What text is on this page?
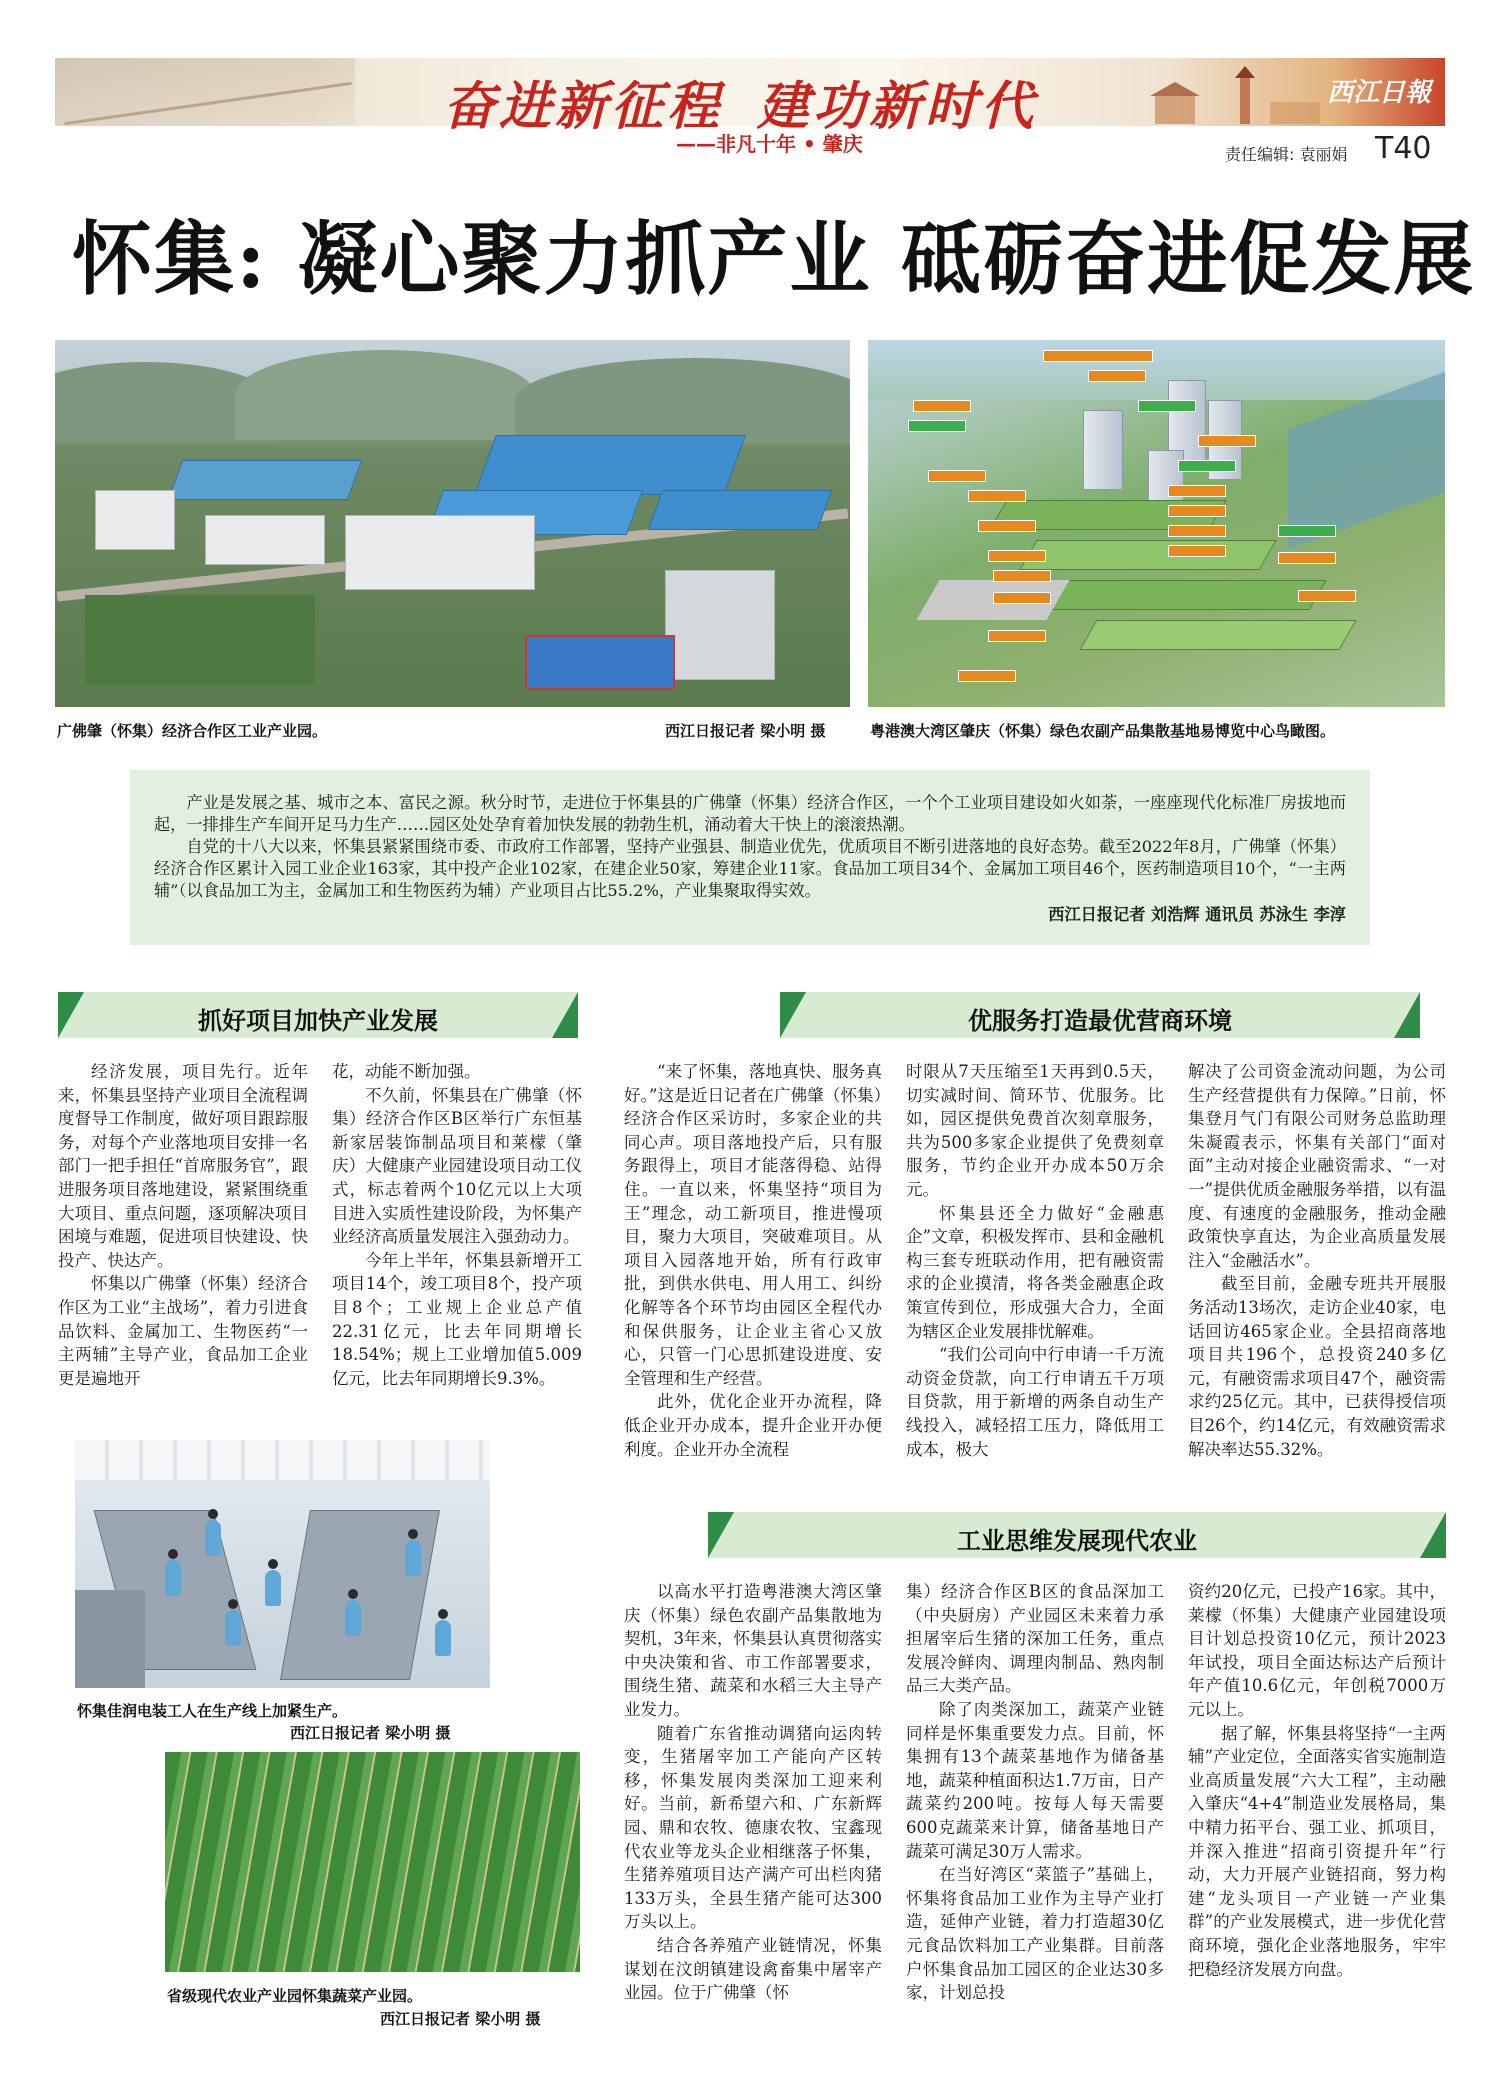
奋进新征程 建功新时代	西江日報
——非凡十年 • 肇庆	责任编辑: 袁丽娟 T40
怀集: 凝心聚力抓产业 砥砺奋进促发展
广佛肇（怀集）经济合作区工业产业园。	西江日报记者 梁小明 摄	粤港澳大湾区肇庆（怀集）绿色农副产品集散基地易博览中心鸟瞰图。

产业是发展之基、城市之本、富民之源。秋分时节，走进位于怀集县的广佛肇（怀集）经济合作区，一个个工业项目建设如火如荼，一座座现代化标准厂房拔地而起，一排排生产车间开足马力生产……园区处处孕育着加快发展的勃勃生机，涌动着大干快上的滚滚热潮。

自党的十八大以来，怀集县紧紧围绕市委、市政府工作部署，坚持产业强县、制造业优先，优质项目不断引进落地的良好态势。截至2022年8月，广佛肇（怀集）经济合作区累计入园工业企业163家，其中投产企业102家，在建企业50家，筹建企业11家。食品加工项目34个、金属加工项目46个，医药制造项目10个，“一主两辅”（以食品加工为主，金属加工和生物医药为辅）产业项目占比55.2%，产业集聚取得实效。

西江日报记者 刘浩辉 通讯员 苏泳生 李淳

抓好项目加快产业发展	优服务打造最优营商环境

经济发展，项目先行。近年来，怀集县坚持产业项目全流程调度督导工作制度，做好项目跟踪服务，对每个产业落地项目安排一名部门一把手担任“首席服务官”，跟进服务项目落地建设，紧紧围绕重大项目、重点问题，逐项解决项目困境与难题，促进项目快建设、快投产、快达产。

怀集以广佛肇（怀集）经济合作区为工业“主战场”，着力引进食品饮料、金属加工、生物医药“一主两辅”主导产业，食品加工企业更是遍地开

花，动能不断加强。

不久前，怀集县在广佛肇（怀集）经济合作区B区举行广东恒基新家居装饰制品项目和莱檬（肇庆）大健康产业园建设项目动工仪式，标志着两个10亿元以上大项目进入实质性建设阶段，为怀集产业经济高质量发展注入强劲动力。

今年上半年，怀集县新增开工项目14个，竣工项目8个，投产项目8个；工业规上企业总产值22.31亿元，比去年同期增长18.54%；规上工业增加值5.009亿元，比去年同期增长9.3%。

“来了怀集，落地真快、服务真好。”这是近日记者在广佛肇（怀集）经济合作区采访时，多家企业的共同心声。项目落地投产后，只有服务跟得上，项目才能落得稳、站得住。一直以来，怀集坚持“项目为王”理念，动工新项目，推进慢项目，聚力大项目，突破难项目。从项目入园落地开始，所有行政审批，到供水供电、用人用工、纠纷化解等各个环节均由园区全程代办和保供服务，让企业主省心又放心，只管一门心思抓建设进度、安全管理和生产经营。

此外，优化企业开办流程，降低企业开办成本，提升企业开办便利度。企业开办全流程

时限从7天压缩至1天再到0.5天，切实减时间、简环节、优服务。比如，园区提供免费首次刻章服务，共为500多家企业提供了免费刻章服务，节约企业开办成本50万余元。

怀集县还全力做好“金融惠企”文章，积极发挥市、县和金融机构三套专班联动作用，把有融资需求的企业摸清，将各类金融惠企政策宣传到位，形成强大合力，全面为辖区企业发展排忧解难。

“我们公司向中行申请一千万流动资金贷款，向工行申请五千万项目贷款，用于新增的两条自动生产线投入，减轻招工压力，降低用工成本，极大

解决了公司资金流动问题，为公司生产经营提供有力保障。”日前，怀集登月气门有限公司财务总监助理朱凝霞表示，怀集有关部门“面对面”主动对接企业融资需求、“一对一”提供优质金融服务举措，以有温度、有速度的金融服务，推动金融政策快享直达，为企业高质量发展注入“金融活水”。

截至目前，金融专班共开展服务活动13场次，走访企业40家，电话回访465家企业。全县招商落地项目共196个，总投资240多亿元，有融资需求项目47个，融资需求约25亿元。其中，已获得授信项目26个，约14亿元，有效融资需求解决率达55.32%。

工业思维发展现代农业
怀集佳润电装工人在生产线上加紧生产。
西江日报记者 梁小明 摄
省级现代农业产业园怀集蔬菜产业园。
西江日报记者 梁小明 摄

以高水平打造粤港澳大湾区肇庆（怀集）绿色农副产品集散地为契机，3年来，怀集县认真贯彻落实中央决策和省、市工作部署要求，围绕生猪、蔬菜和水稻三大主导产业发力。

随着广东省推动调猪向运肉转变，生猪屠宰加工产能向产区转移，怀集发展肉类深加工迎来利好。当前，新希望六和、广东新辉园、鼎和农牧、德康农牧、宝鑫现代农业等龙头企业相继落子怀集，生猪养殖项目达产满产可出栏肉猪133万头，全县生猪产能可达300万头以上。

结合各养殖产业链情况，怀集谋划在汶朗镇建设禽畜集中屠宰产业园。位于广佛肇（怀

集）经济合作区B区的食品深加工（中央厨房）产业园区未来着力承担屠宰后生猪的深加工任务，重点发展冷鲜肉、调理肉制品、熟肉制品三大类产品。

除了肉类深加工，蔬菜产业链同样是怀集重要发力点。目前，怀集拥有13个蔬菜基地作为储备基地，蔬菜种植面积达1.7万亩，日产蔬菜约200吨。按每人每天需要600克蔬菜来计算，储备基地日产蔬菜可满足30万人需求。

在当好湾区“菜篮子”基础上，怀集将食品加工业作为主导产业打造，延伸产业链，着力打造超30亿元食品饮料加工产业集群。目前落户怀集食品加工园区的企业达30多家，计划总投

资约20亿元，已投产16家。其中，莱檬（怀集）大健康产业园建设项目计划总投资10亿元，预计2023年试投，项目全面达标达产后预计年产值10.6亿元，年创税7000万元以上。

据了解，怀集县将坚持“一主两辅”产业定位，全面落实省实施制造业高质量发展“六大工程”，主动融入肇庆“4+4”制造业发展格局，集中精力拓平台、强工业、抓项目，并深入推进“招商引资提升年”行动，大力开展产业链招商，努力构建“龙头项目一产业链一产业集群”的产业发展模式，进一步优化营商环境，强化企业落地服务，牢牢把稳经济发展方向盘。
